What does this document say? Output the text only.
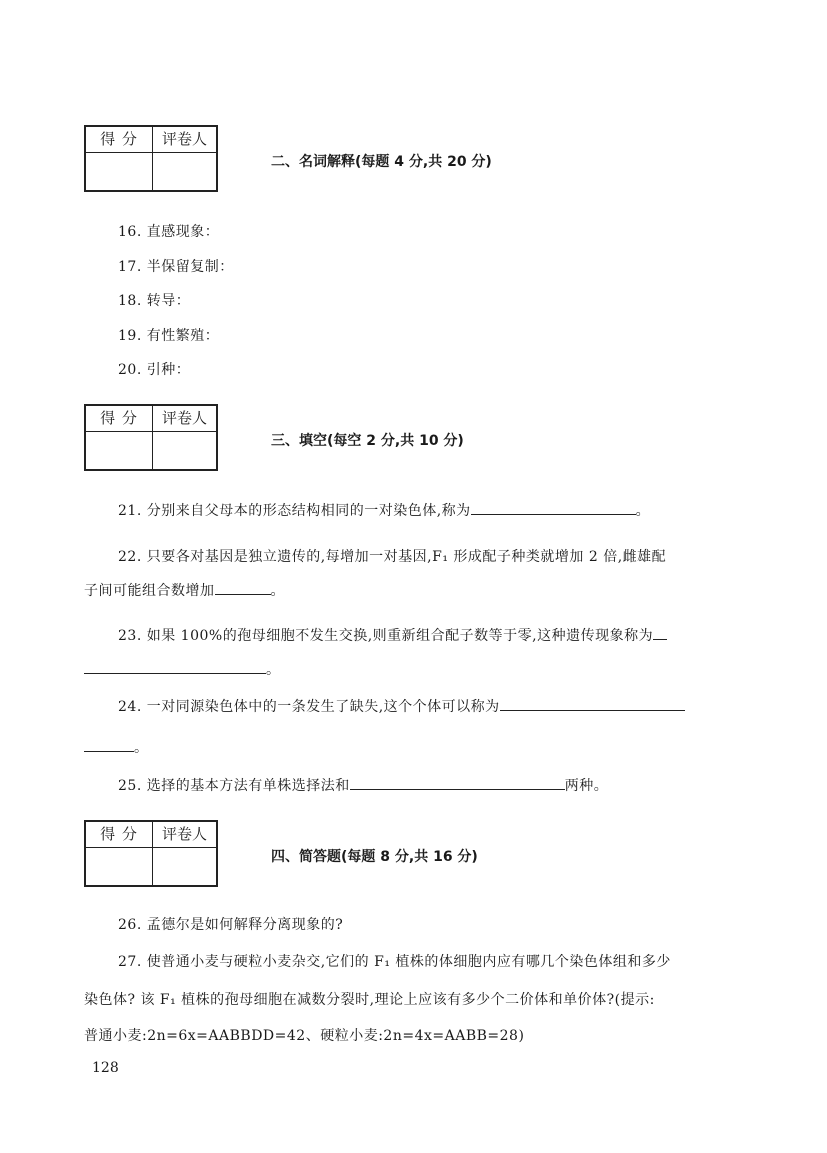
得 分	评卷人
二、名词解释(每题 4 分,共 20 分)
16. 直感现象：
17. 半保留复制：
18. 转导：
19. 有性繁殖：
20. 引种：
得 分	评卷人
三、填空(每空 2 分,共 10 分)
21. 分别来自父母本的形态结构相同的一对染色体,称为	。
22. 只要各对基因是独立遗传的,每增加一对基因,F₁ 形成配子种类就增加 2 倍,雌雄配
子间可能组合数增加	。
23. 如果 100%的孢母细胞不发生交换,则重新组合配子数等于零,这种遗传现象称为
。
24. 一对同源染色体中的一条发生了缺失,这个个体可以称为
。
25. 选择的基本方法有单株选择法和	两种。
得 分	评卷人
四、简答题(每题 8 分,共 16 分)
26. 孟德尔是如何解释分离现象的?
27. 使普通小麦与硬粒小麦杂交,它们的 F₁ 植株的体细胞内应有哪几个染色体组和多少
染色体? 该 F₁ 植株的孢母细胞在减数分裂时,理论上应该有多少个二价体和单价体?(提示:
普通小麦:2n=6x=AABBDD=42、硬粒小麦:2n=4x=AABB=28)
128
